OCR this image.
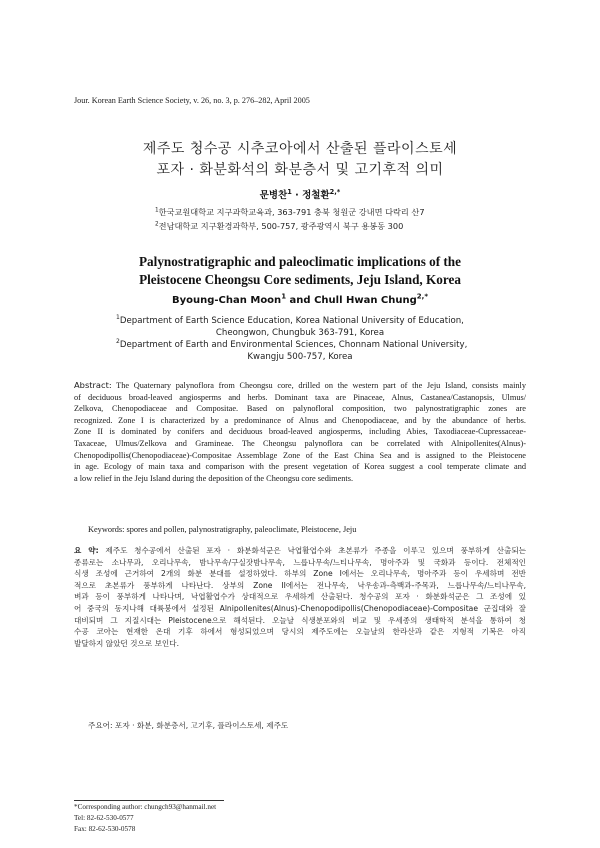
Jour. Korean Earth Science Society, v. 26, no. 3, p. 276–282, April 2005
제주도 청수공 시추코아에서 산출된 플라이스토세
포자 · 화분화석의 화분층서 및 고기후적 의미
문병찬$^1$ · 정철환$^{2,*}$
$^1$한국교원대학교 지구과학교육과, 363-791 충북 청원군 강내면 다락리 산7
$^2$전남대학교 지구환경과학부, 500-757, 광주광역시 북구 용봉동 300
Palynostratigraphic and paleoclimatic implications of the
Pleistocene Cheongsu Core sediments, Jeju Island, Korea
Byoung-Chan Moon$^1$ and Chull Hwan Chung$^{2,*}$
$^1$Department of Earth Science Education, Korea National University of Education,
Cheongwon, Chungbuk 363-791, Korea
$^2$Department of Earth and Environmental Sciences, Chonnam National University,
Kwangju 500-757, Korea
Abstract: The Quaternary palynoflora from Cheongsu core, drilled on the western part of the Jeju Island, consists mainly
of deciduous broad-leaved angiosperms and herbs. Dominant taxa are Pinaceae, Alnus, Castanea/Castanopsis, Ulmus/
Zelkova, Chenopodiaceae and Compositae. Based on palynofloral composition, two palynostratigraphic zones are
recognized. Zone I is characterized by a predominance of Alnus and Chenopodiaceae, and by the abundance of herbs.
Zone II is dominated by conifers and deciduous broad-leaved angiosperms, including Abies, Taxodiaceae-Cupressaceae-
Taxaceae, Ulmus/Zelkova and Gramineae. The Cheongsu palynoflora can be correlated with Alnipollenites(Alnus)-
Chenopodipollis(Chenopodiaceae)-Compositae Assemblage Zone of the East China Sea and is assigned to the Pleistocene
in age. Ecology of main taxa and comparison with the present vegetation of Korea suggest a cool temperate climate and
a low relief in the Jeju Island during the deposition of the Cheongsu core sediments.
Keywords: spores and pollen, palynostratigraphy, paleoclimate, Pleistocene, Jeju
요 약: 제주도 청수공에서 산출된 포자 · 화분화석군은 낙엽활엽수와 초본류가 주종을 이루고 있으며 풍부하게 산출되는
종류로는 소나무과, 오리나무속, 밤나무속/구실잣밤나무속, 느릅나무속/느티나무속, 명아주과 및 국화과 등이다. 전체적인
식생 조성에 근거하여 2개의 화분 분대를 설정하였다. 하부의 Zone I에서는 오리나무속, 명아주과 등이 우세하며 전반
적으로 초본류가 풍부하게 나타난다. 상부의 Zone II에서는 전나무속, 낙우송과-측백과-주목과, 느릅나무속/느티나무속,
벼과 등이 풍부하게 나타나며, 낙엽활엽수가 상대적으로 우세하게 산출된다. 청수공의 포자 · 화분화석군은 그 조성에 있
어 중국의 동지나해 대륙붕에서 설정된 Alnipollenites(Alnus)-Chenopodipollis(Chenopodiaceae)-Compositae 군집대와 잘
대비되며 그 지질시대는 Pleistocene으로 해석된다. 오늘날 식생분포와의 비교 및 우세종의 생태학적 분석을 통하여 청
수공 코아는 현재한 온대 기후 하에서 형성되었으며 당시의 제주도에는 오늘날의 한라산과 같은 지형적 기복은 아직
발달하지 않았던 것으로 보인다.
주요어: 포자 · 화분, 화분층서, 고기후, 플라이스토세, 제주도
*Corresponding author: chungch93@hanmail.net
Tel: 82-62-530-0577
Fax: 82-62-530-0578
